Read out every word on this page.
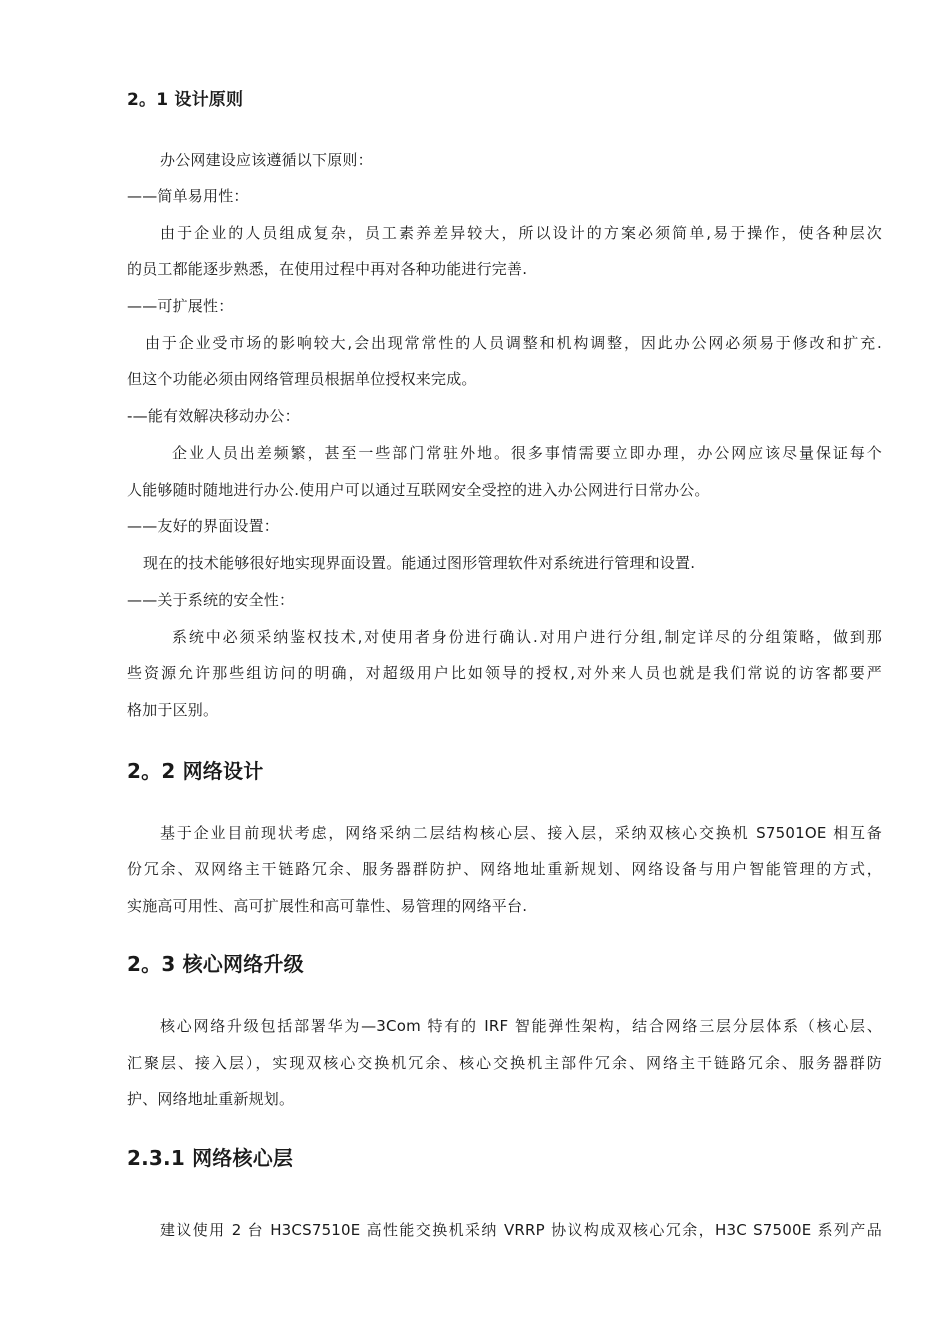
2。1 设计原则
办公网建设应该遵循以下原则：
——简单易用性：
由于企业的人员组成复杂，员工素养差异较大，所以设计的方案必须简单,易于操作，使各种层次
的员工都能逐步熟悉，在使用过程中再对各种功能进行完善.
——可扩展性：
由于企业受市场的影响较大,会出现常常性的人员调整和机构调整，因此办公网必须易于修改和扩充.
但这个功能必须由网络管理员根据单位授权来完成。
-—能有效解决移动办公：
企业人员出差频繁，甚至一些部门常驻外地。很多事情需要立即办理，办公网应该尽量保证每个
人能够随时随地进行办公.使用户可以通过互联网安全受控的进入办公网进行日常办公。
——友好的界面设置：
现在的技术能够很好地实现界面设置。能通过图形管理软件对系统进行管理和设置.
——关于系统的安全性：
系统中必须采纳鉴权技术,对使用者身份进行确认.对用户进行分组,制定详尽的分组策略，做到那
些资源允许那些组访问的明确，对超级用户比如领导的授权,对外来人员也就是我们常说的访客都要严
格加于区别。
2。2 网络设计
基于企业目前现状考虑，网络采纳二层结构核心层、接入层，采纳双核心交换机 S7501OE 相互备
份冗余、双网络主干链路冗余、服务器群防护、网络地址重新规划、网络设备与用户智能管理的方式，
实施高可用性、高可扩展性和高可靠性、易管理的网络平台.
2。3 核心网络升级
核心网络升级包括部署华为—3Com 特有的 IRF 智能弹性架构，结合网络三层分层体系（核心层、
汇聚层、接入层），实现双核心交换机冗余、核心交换机主部件冗余、网络主干链路冗余、服务器群防
护、网络地址重新规划。
2.3.1 网络核心层
建议使用 2 台 H3CS7510E 高性能交换机采纳 VRRP 协议构成双核心冗余，H3C S7500E 系列产品
